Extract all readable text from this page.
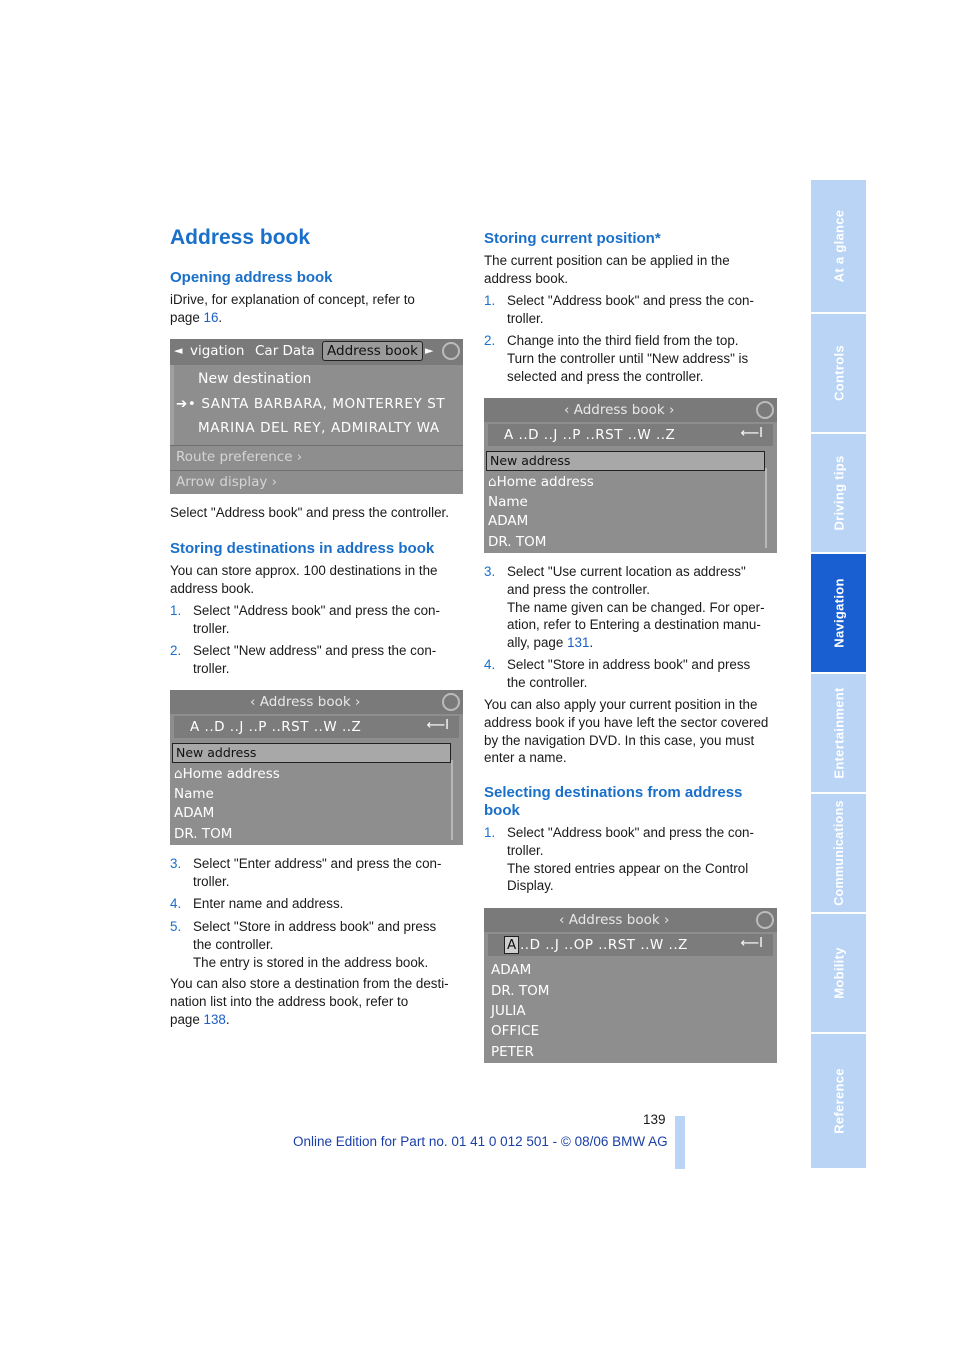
Address book
Opening address book
iDrive, for explanation of concept, refer to
page 16.
◄ vigation Car Data Address book ►
New destination
➔• SANTA BARBARA, MONTERREY ST
MARINA DEL REY, ADMIRALTY WA
Route preference ›
Arrow display ›
Select "Address book" and press the controller.
Storing destinations in address book
You can store approx. 100 destinations in the
address book.
1. Select "Address book" and press the con-
troller.
2. Select "New address" and press the con-
troller.
‹ Address book ›
A ..D ..J ..P ..RST ..W ..Z	⟵I
New address
⌂Home address
Name
ADAM
DR. TOM
3. Select "Enter address" and press the con-
troller.
4. Enter name and address.
5. Select "Store in address book" and press
the controller.
The entry is stored in the address book.
You can also store a destination from the desti-
nation list into the address book, refer to
page 138.
Storing current position*
The current position can be applied in the
address book.
1. Select "Address book" and press the con-
troller.
2. Change into the third field from the top.
Turn the controller until "New address" is
selected and press the controller.
‹ Address book ›
A ..D ..J ..P ..RST ..W ..Z	⟵I
New address
⌂Home address
Name
ADAM
DR. TOM
3. Select "Use current location as address"
and press the controller.
The name given can be changed. For oper-
ation, refer to Entering a destination manu-
ally, page 131.
4. Select "Store in address book" and press
the controller.
You can also apply your current position in the
address book if you have left the sector covered
by the navigation DVD. In this case, you must
enter a name.
Selecting destinations from address
book
1. Select "Address book" and press the con-
troller.
The stored entries appear on the Control
Display.
‹ Address book ›
A ..D ..J ..OP ..RST ..W ..Z	⟵I
ADAM
DR. TOM
JULIA
OFFICE
PETER
At a glance
Controls
Driving tips
Navigation
Entertainment
Communications
Mobility
Reference
139
Online Edition for Part no. 01 41 0 012 501 - © 08/06 BMW AG
